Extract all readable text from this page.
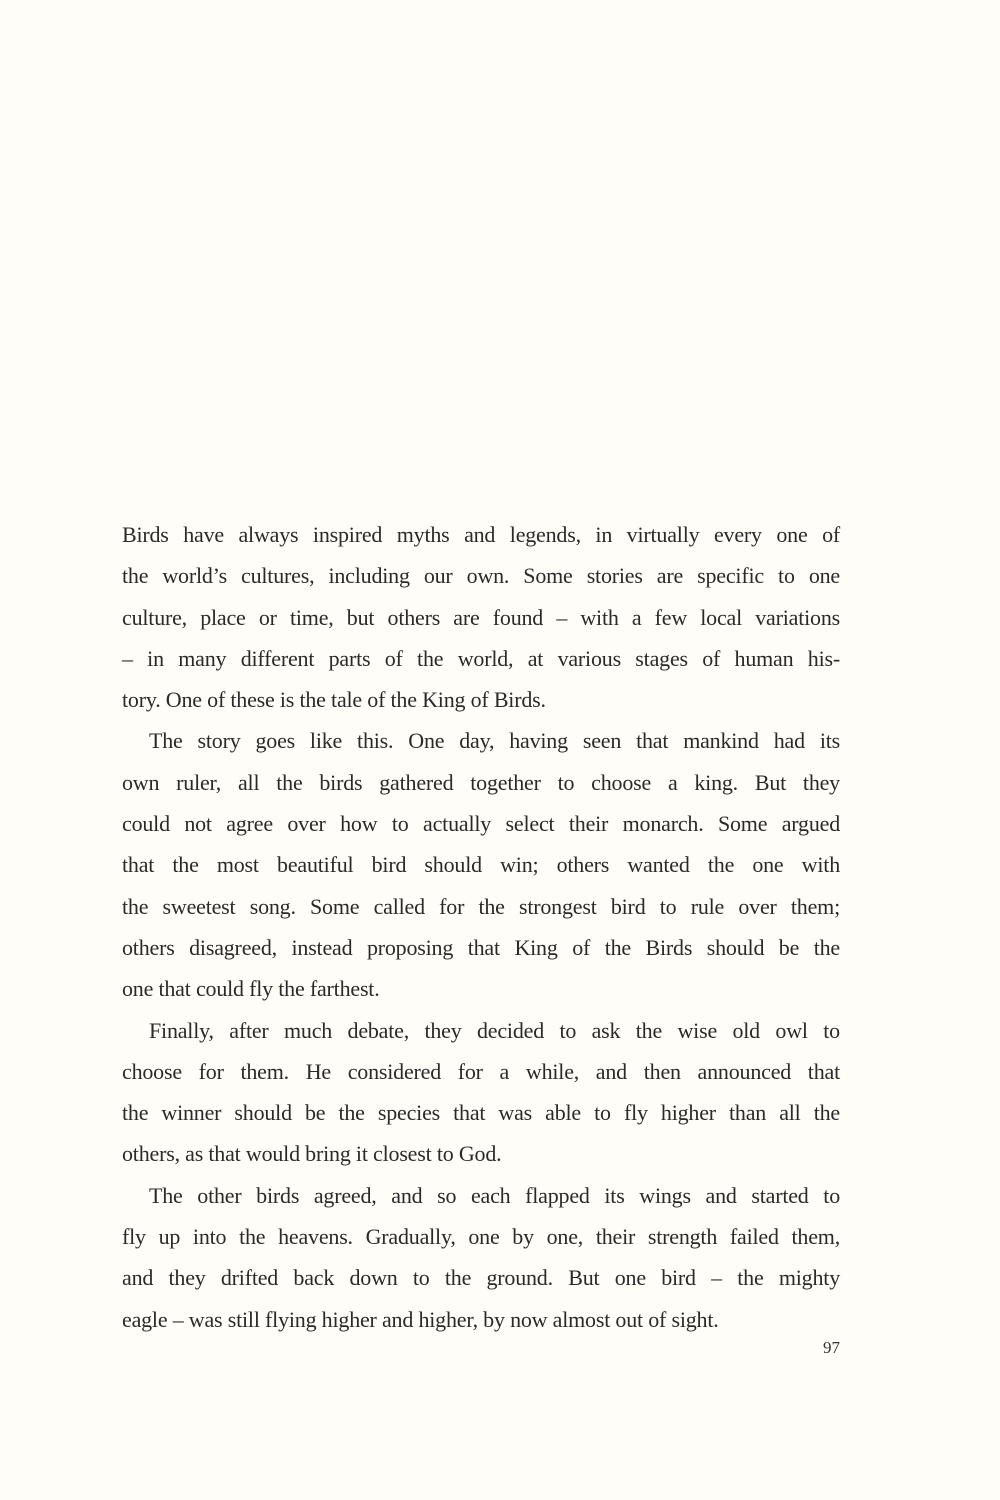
Birds have always inspired myths and legends, in virtually every one of
the world’s cultures, including our own. Some stories are specific to one
culture, place or time, but others are found – with a few local variations
– in many different parts of the world, at various stages of human his-
tory. One of these is the tale of the King of Birds.
The story goes like this. One day, having seen that mankind had its
own ruler, all the birds gathered together to choose a king. But they
could not agree over how to actually select their monarch. Some argued
that the most beautiful bird should win; others wanted the one with
the sweetest song. Some called for the strongest bird to rule over them;
others disagreed, instead proposing that King of the Birds should be the
one that could fly the farthest.
Finally, after much debate, they decided to ask the wise old owl to
choose for them. He considered for a while, and then announced that
the winner should be the species that was able to fly higher than all the
others, as that would bring it closest to God.
The other birds agreed, and so each flapped its wings and started to
fly up into the heavens. Gradually, one by one, their strength failed them,
and they drifted back down to the ground. But one bird – the mighty
eagle – was still flying higher and higher, by now almost out of sight.
97
